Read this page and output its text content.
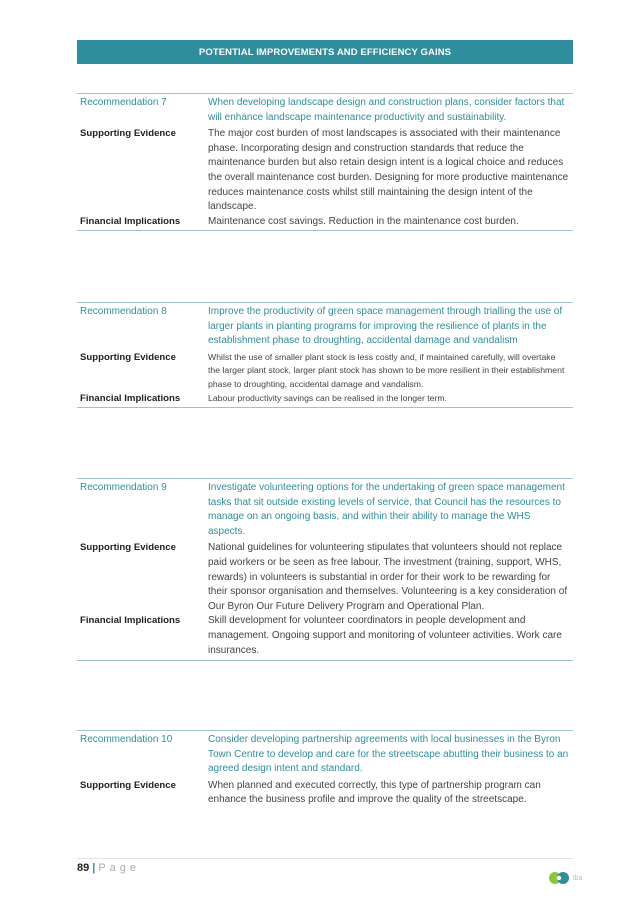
POTENTIAL IMPROVEMENTS AND EFFICIENCY GAINS
Recommendation 7	When developing landscape design and construction plans, consider factors that will enhance landscape maintenance productivity and sustainability.
Supporting Evidence	The major cost burden of most landscapes is associated with their maintenance phase. Incorporating design and construction standards that reduce the maintenance burden but also retain design intent is a logical choice and reduces the overall maintenance cost burden. Designing for more productive maintenance reduces maintenance costs whilst still maintaining the design intent of the landscape.
Financial Implications	Maintenance cost savings. Reduction in the maintenance cost burden.
Recommendation 8	Improve the productivity of green space management through trialling the use of larger plants in planting programs for improving the resilience of plants in the establishment phase to droughting, accidental damage and vandalism
Supporting Evidence	Whilst the use of smaller plant stock is less costly and, if maintained carefully, will overtake the larger plant stock, larger plant stock has shown to be more resilient in their establishment phase to droughting, accidental damage and vandalism.
Financial Implications	Labour productivity savings can be realised in the longer term.
Recommendation 9	Investigate volunteering options for the undertaking of green space management tasks that sit outside existing levels of service, that Council has the resources to manage on an ongoing basis, and within their ability to manage the WHS aspects.
Supporting Evidence	National guidelines for volunteering stipulates that volunteers should not replace paid workers or be seen as free labour. The investment (training, support, WHS, rewards) in volunteers is substantial in order for their work to be rewarding for their sponsor organisation and themselves. Volunteering is a key consideration of Our Byron Our Future Delivery Program and Operational Plan.
Financial Implications	Skill development for volunteer coordinators in people development and management. Ongoing support and monitoring of volunteer activities. Work care insurances.
Recommendation 10	Consider developing partnership agreements with local businesses in the Byron Town Centre to develop and care for the streetscape abutting their business to an agreed design intent and standard.
Supporting Evidence	When planned and executed correctly, this type of partnership program can enhance the business profile and improve the quality of the streetscape.
89 | Page
lba
